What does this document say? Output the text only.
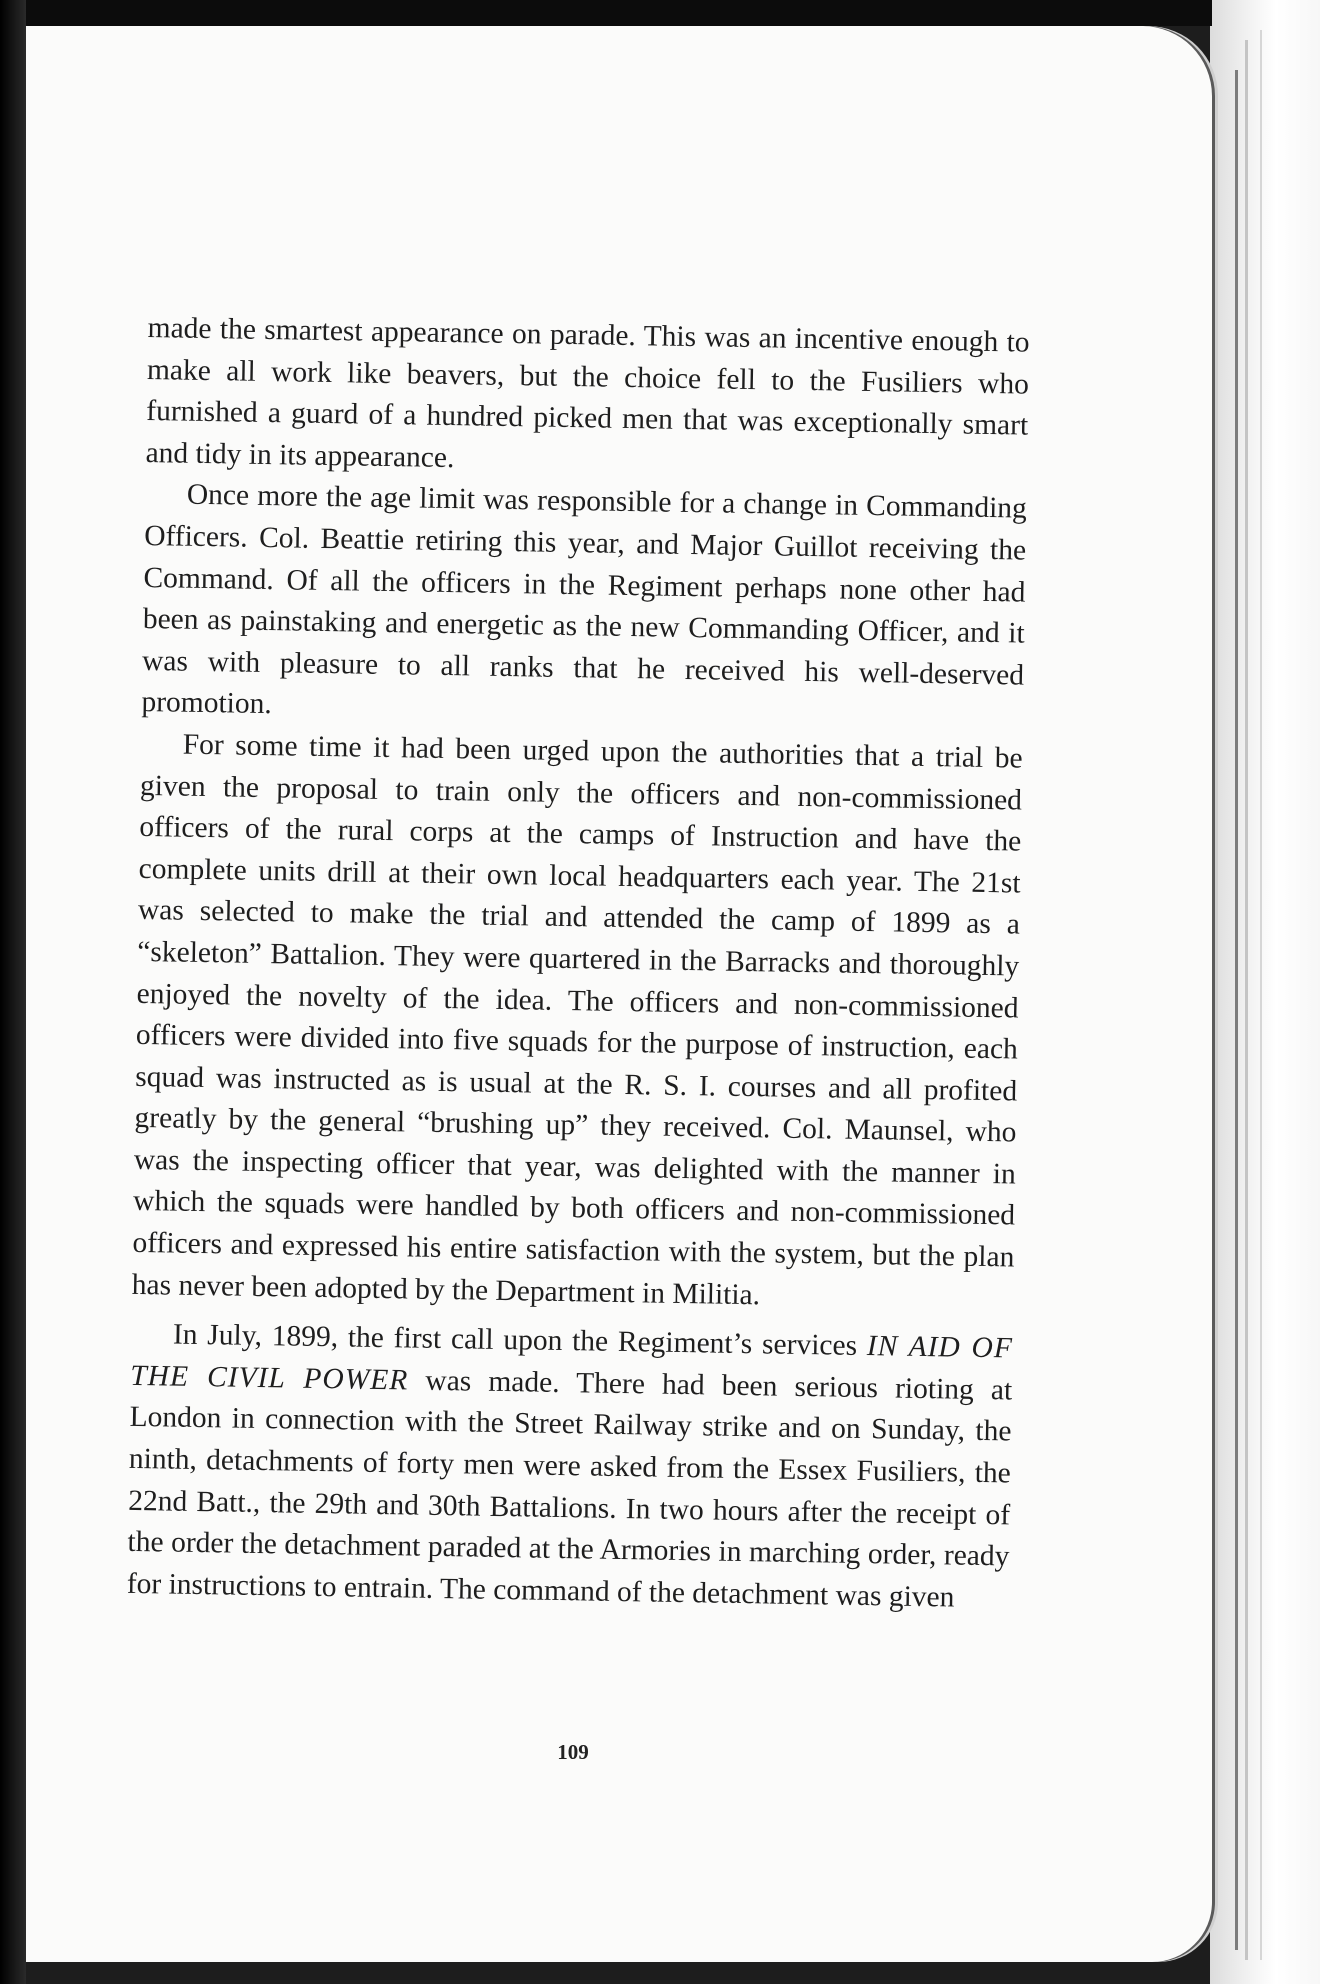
made the smartest appearance on parade. This was an incentive enough to make all work like beavers, but the choice fell to the Fusiliers who furnished a guard of a hundred picked men that was exceptionally smart and tidy in its appearance.

Once more the age limit was responsible for a change in Commanding Officers. Col. Beattie retiring this year, and Major Guillot receiving the Command. Of all the officers in the Regiment perhaps none other had been as painstaking and energetic as the new Commanding Officer, and it was with pleasure to all ranks that he received his well-deserved promotion.

For some time it had been urged upon the authorities that a trial be given the proposal to train only the officers and non-commissioned officers of the rural corps at the camps of Instruction and have the complete units drill at their own local headquarters each year. The 21st was selected to make the trial and attended the camp of 1899 as a “skeleton” Battalion. They were quartered in the Barracks and thoroughly enjoyed the novelty of the idea. The officers and non-commissioned officers were divided into five squads for the purpose of instruction, each squad was instructed as is usual at the R. S. I. courses and all profited greatly by the general “brushing up” they received. Col. Maunsel, who was the inspecting officer that year, was delighted with the manner in which the squads were handled by both officers and non-commissioned officers and expressed his entire satisfaction with the system, but the plan has never been adopted by the Department in Militia.

In July, 1899, the first call upon the Regiment’s services IN AID OF THE CIVIL POWER was made. There had been serious rioting at London in connection with the Street Railway strike and on Sunday, the ninth, detachments of forty men were asked from the Essex Fusiliers, the 22nd Batt., the 29th and 30th Battalions. In two hours after the receipt of the order the detachment paraded at the Armories in marching order, ready for instructions to entrain. The command of the detachment was given

109
